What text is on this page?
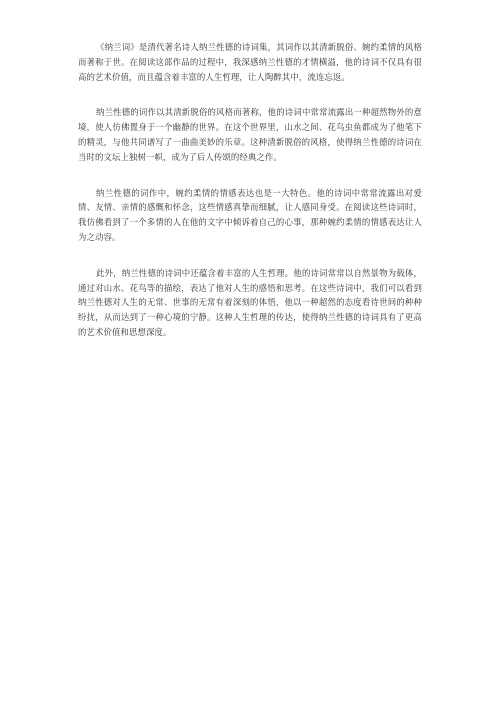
《纳兰词》是清代著名诗人纳兰性德的诗词集，其词作以其清新脱俗、婉约柔情的风格而著称于世。在阅读这部作品的过程中，我深感纳兰性德的才情横溢，他的诗词不仅具有很高的艺术价值，而且蕴含着丰富的人生哲理，让人陶醉其中，流连忘返。

纳兰性德的词作以其清新脱俗的风格而著称，他的诗词中常常流露出一种超然物外的意境，使人仿佛置身于一个幽静的世界。在这个世界里，山水之间、花鸟虫鱼都成为了他笔下的精灵，与他共同谱写了一曲曲美妙的乐章。这种清新脱俗的风格，使得纳兰性德的诗词在当时的文坛上独树一帜，成为了后人传颂的经典之作。

纳兰性德的词作中，婉约柔情的情感表达也是一大特色。他的诗词中常常流露出对爱情、友情、亲情的感慨和怀念，这些情感真挚而细腻，让人感同身受。在阅读这些诗词时，我仿佛看到了一个多情的人在他的文字中倾诉着自己的心事，那种婉约柔情的情感表达让人为之动容。

此外，纳兰性德的诗词中还蕴含着丰富的人生哲理。他的诗词常常以自然景物为载体，通过对山水、花鸟等的描绘，表达了他对人生的感悟和思考。在这些诗词中，我们可以看到纳兰性德对人生的无常、世事的无常有着深刻的体悟，他以一种超然的态度看待世间的种种纷扰，从而达到了一种心境的宁静。这种人生哲理的传达，使得纳兰性德的诗词具有了更高的艺术价值和思想深度。
